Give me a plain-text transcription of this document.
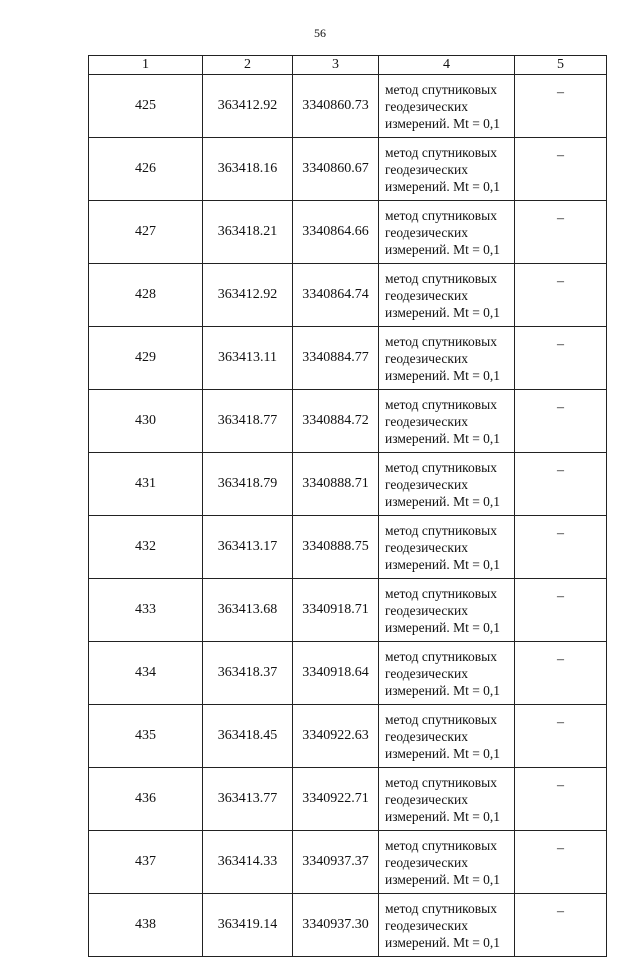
56
1	2	3	4	5
425	363412.92	3340860.73	метод спутниковых
геодезических
измерений. Mt = 0,1	–
426	363418.16	3340860.67	метод спутниковых
геодезических
измерений. Mt = 0,1	–
427	363418.21	3340864.66	метод спутниковых
геодезических
измерений. Mt = 0,1	–
428	363412.92	3340864.74	метод спутниковых
геодезических
измерений. Mt = 0,1	–
429	363413.11	3340884.77	метод спутниковых
геодезических
измерений. Mt = 0,1	–
430	363418.77	3340884.72	метод спутниковых
геодезических
измерений. Mt = 0,1	–
431	363418.79	3340888.71	метод спутниковых
геодезических
измерений. Mt = 0,1	–
432	363413.17	3340888.75	метод спутниковых
геодезических
измерений. Mt = 0,1	–
433	363413.68	3340918.71	метод спутниковых
геодезических
измерений. Mt = 0,1	–
434	363418.37	3340918.64	метод спутниковых
геодезических
измерений. Mt = 0,1	–
435	363418.45	3340922.63	метод спутниковых
геодезических
измерений. Mt = 0,1	–
436	363413.77	3340922.71	метод спутниковых
геодезических
измерений. Mt = 0,1	–
437	363414.33	3340937.37	метод спутниковых
геодезических
измерений. Mt = 0,1	–
438	363419.14	3340937.30	метод спутниковых
геодезических
измерений. Mt = 0,1	–
